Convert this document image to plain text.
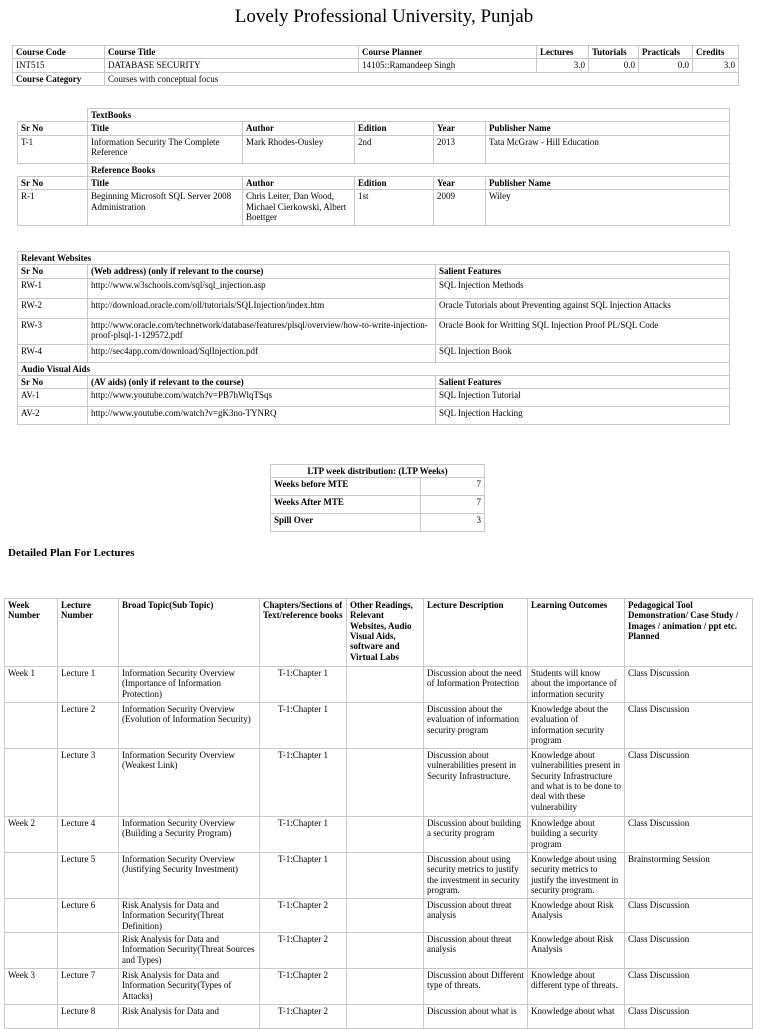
Lovely Professional University, Punjab
Course Code	Course Title	Course Planner	Lectures	Tutorials	Practicals	Credits
INT515	DATABASE SECURITY	14105::Ramandeep Singh	3.0	0.0	0.0	3.0
Course Category	Courses with conceptual focus					
	TextBooks				
Sr No	Title	Author	Edition	Year	Publisher Name
T-1	Information Security The Complete Reference	Mark Rhodes-Ousley	2nd	2013	Tata McGraw - Hill Education
	Reference Books				
Sr No	Title	Author	Edition	Year	Publisher Name
R-1	Beginning Microsoft SQL Server 2008 Administration	Chris Leiter, Dan Wood, Michael Cierkowski, Albert Boettger	1st	2009	Wiley
Relevant Websites		
Sr No	(Web address) (only if relevant to the course)	Salient Features
RW-1	http://www.w3schools.com/sql/sql_injection.asp	SQL Injection Methods
RW-2	http://download.oracle.com/oll/tutorials/SQLInjection/index.htm	Oracle Tutorials about Preventing against SQL Injection Attacks
RW-3	http://www.oracle.com/technetwork/database/features/plsql/overview/how-to-write-injection-proof-plsql-1-129572.pdf	Oracle Book for Writting SQL Injection Proof PL/SQL Code
RW-4	http://sec4app.com/download/SqlInjection.pdf	SQL Injection Book
Audio Visual Aids		
Sr No	(AV aids) (only if relevant to the course)	Salient Features
AV-1	http://www.youtube.com/watch?v=PB7hWlqTSqs	SQL Injection Tutorial
AV-2	http://www.youtube.com/watch?v=gK3no-TYNRQ	SQL Injection Hacking
LTP week distribution: (LTP Weeks)	
Weeks before MTE	7
Weeks After MTE	7
Spill Over	3
Detailed Plan For Lectures
Week Number	Lecture Number	Broad Topic(Sub Topic)	Chapters/Sections of Text/reference books	Other Readings, Relevant Websites, Audio Visual Aids, software and Virtual Labs	Lecture Description	Learning Outcomes	Pedagogical Tool Demonstration/ Case Study / Images / animation / ppt etc. Planned
Week 1	Lecture 1	Information Security Overview (Importance of Information Protection)	T-1:Chapter 1		Discussion about the need of Information Protection	Students will know about the importance of information security	Class Discussion
	Lecture 2	Information Security Overview (Evolution of Information Security)	T-1:Chapter 1		Discussion about the evaluation of information security program	Knowledge about the evaluation of information security program	Class Discussion
	Lecture 3	Information Security Overview (Weakest Link)	T-1:Chapter 1		Discussion about vulnerabilities present in Security Infrastructure.	Knowledge about vulnerabilities present in Security Infrastructure and what is to be done to deal with these vulnerability	Class Discussion
Week 2	Lecture 4	Information Security Overview (Building a Security Program)	T-1:Chapter 1		Discussion about building a security program	Knowledge about building a security program	Class Discussion
	Lecture 5	Information Security Overview (Justifying Security Investment)	T-1:Chapter 1		Discussion about using security metrics to justify the investment in security program.	Knowledge about using security metrics to justify the investment in security program.	Brainstorming Session
	Lecture 6	Risk Analysis for Data and Information Security(Threat Definition)	T-1:Chapter 2		Discussion about threat analysis	Knowledge about Risk Analysis	Class Discussion
		Risk Analysis for Data and Information Security(Threat Sources and Types)	T-1:Chapter 2		Discussion about threat analysis	Knowledge about Risk Analysis	Class Discussion
Week 3	Lecture 7	Risk Analysis for Data and Information Security(Types of Attacks)	T-1:Chapter 2		Discussion about Different type of threats.	Knowledge about different type of threats.	Class Discussion
	Lecture 8	Risk Analysis for Data and	T-1:Chapter 2		Discussion about what is	Knowledge about what	Class Discussion
